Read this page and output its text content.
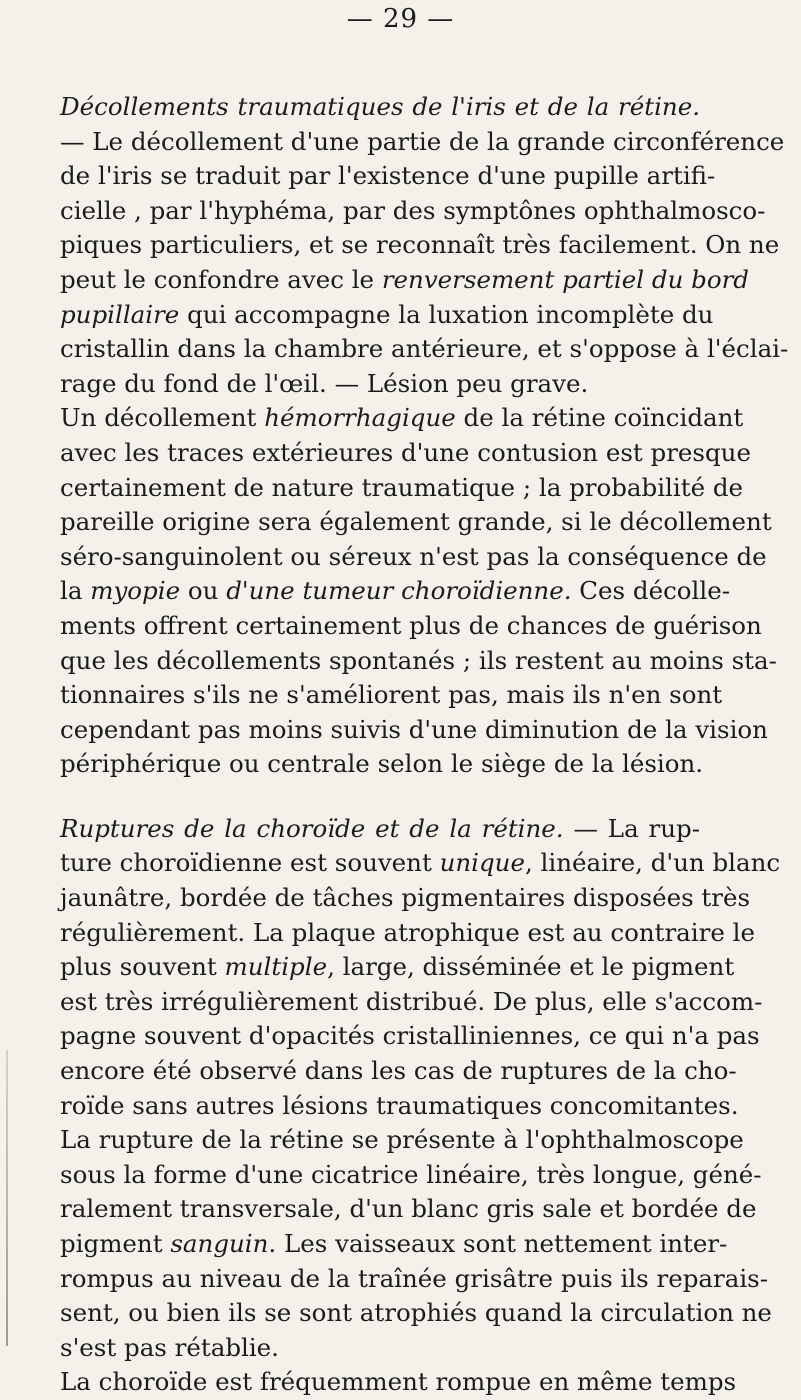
— 29 —
Décollements traumatiques de l'iris et de la rétine.
— Le décollement d'une partie de la grande circonférence
de l'iris se traduit par l'existence d'une pupille artifi-
cielle , par l'hyphéma, par des symptônes ophthalmosco-
piques particuliers, et se reconnaît très facilement. On ne
peut le confondre avec le renversement partiel du bord
pupillaire qui accompagne la luxation incomplète du
cristallin dans la chambre antérieure, et s'oppose à l'éclai-
rage du fond de l'œil. — Lésion peu grave.
Un décollement hémorrhagique de la rétine coïncidant
avec les traces extérieures d'une contusion est presque
certainement de nature traumatique ; la probabilité de
pareille origine sera également grande, si le décollement
séro-sanguinolent ou séreux n'est pas la conséquence de
la myopie ou d'une tumeur choroïdienne. Ces décolle-
ments offrent certainement plus de chances de guérison
que les décollements spontanés ; ils restent au moins sta-
tionnaires s'ils ne s'améliorent pas, mais ils n'en sont
cependant pas moins suivis d'une diminution de la vision
périphérique ou centrale selon le siège de la lésion.
Ruptures de la choroïde et de la rétine. — La rup-
ture choroïdienne est souvent unique, linéaire, d'un blanc
jaunâtre, bordée de tâches pigmentaires disposées très
régulièrement. La plaque atrophique est au contraire le
plus souvent multiple, large, disséminée et le pigment
est très irrégulièrement distribué. De plus, elle s'accom-
pagne souvent d'opacités cristalliniennes, ce qui n'a pas
encore été observé dans les cas de ruptures de la cho-
roïde sans autres lésions traumatiques concomitantes.
La rupture de la rétine se présente à l'ophthalmoscope
sous la forme d'une cicatrice linéaire, très longue, géné-
ralement transversale, d'un blanc gris sale et bordée de
pigment sanguin. Les vaisseaux sont nettement inter-
rompus au niveau de la traînée grisâtre puis ils reparais-
sent, ou bien ils se sont atrophiés quand la circulation ne
s'est pas rétablie.
La choroïde est fréquemment rompue en même temps
